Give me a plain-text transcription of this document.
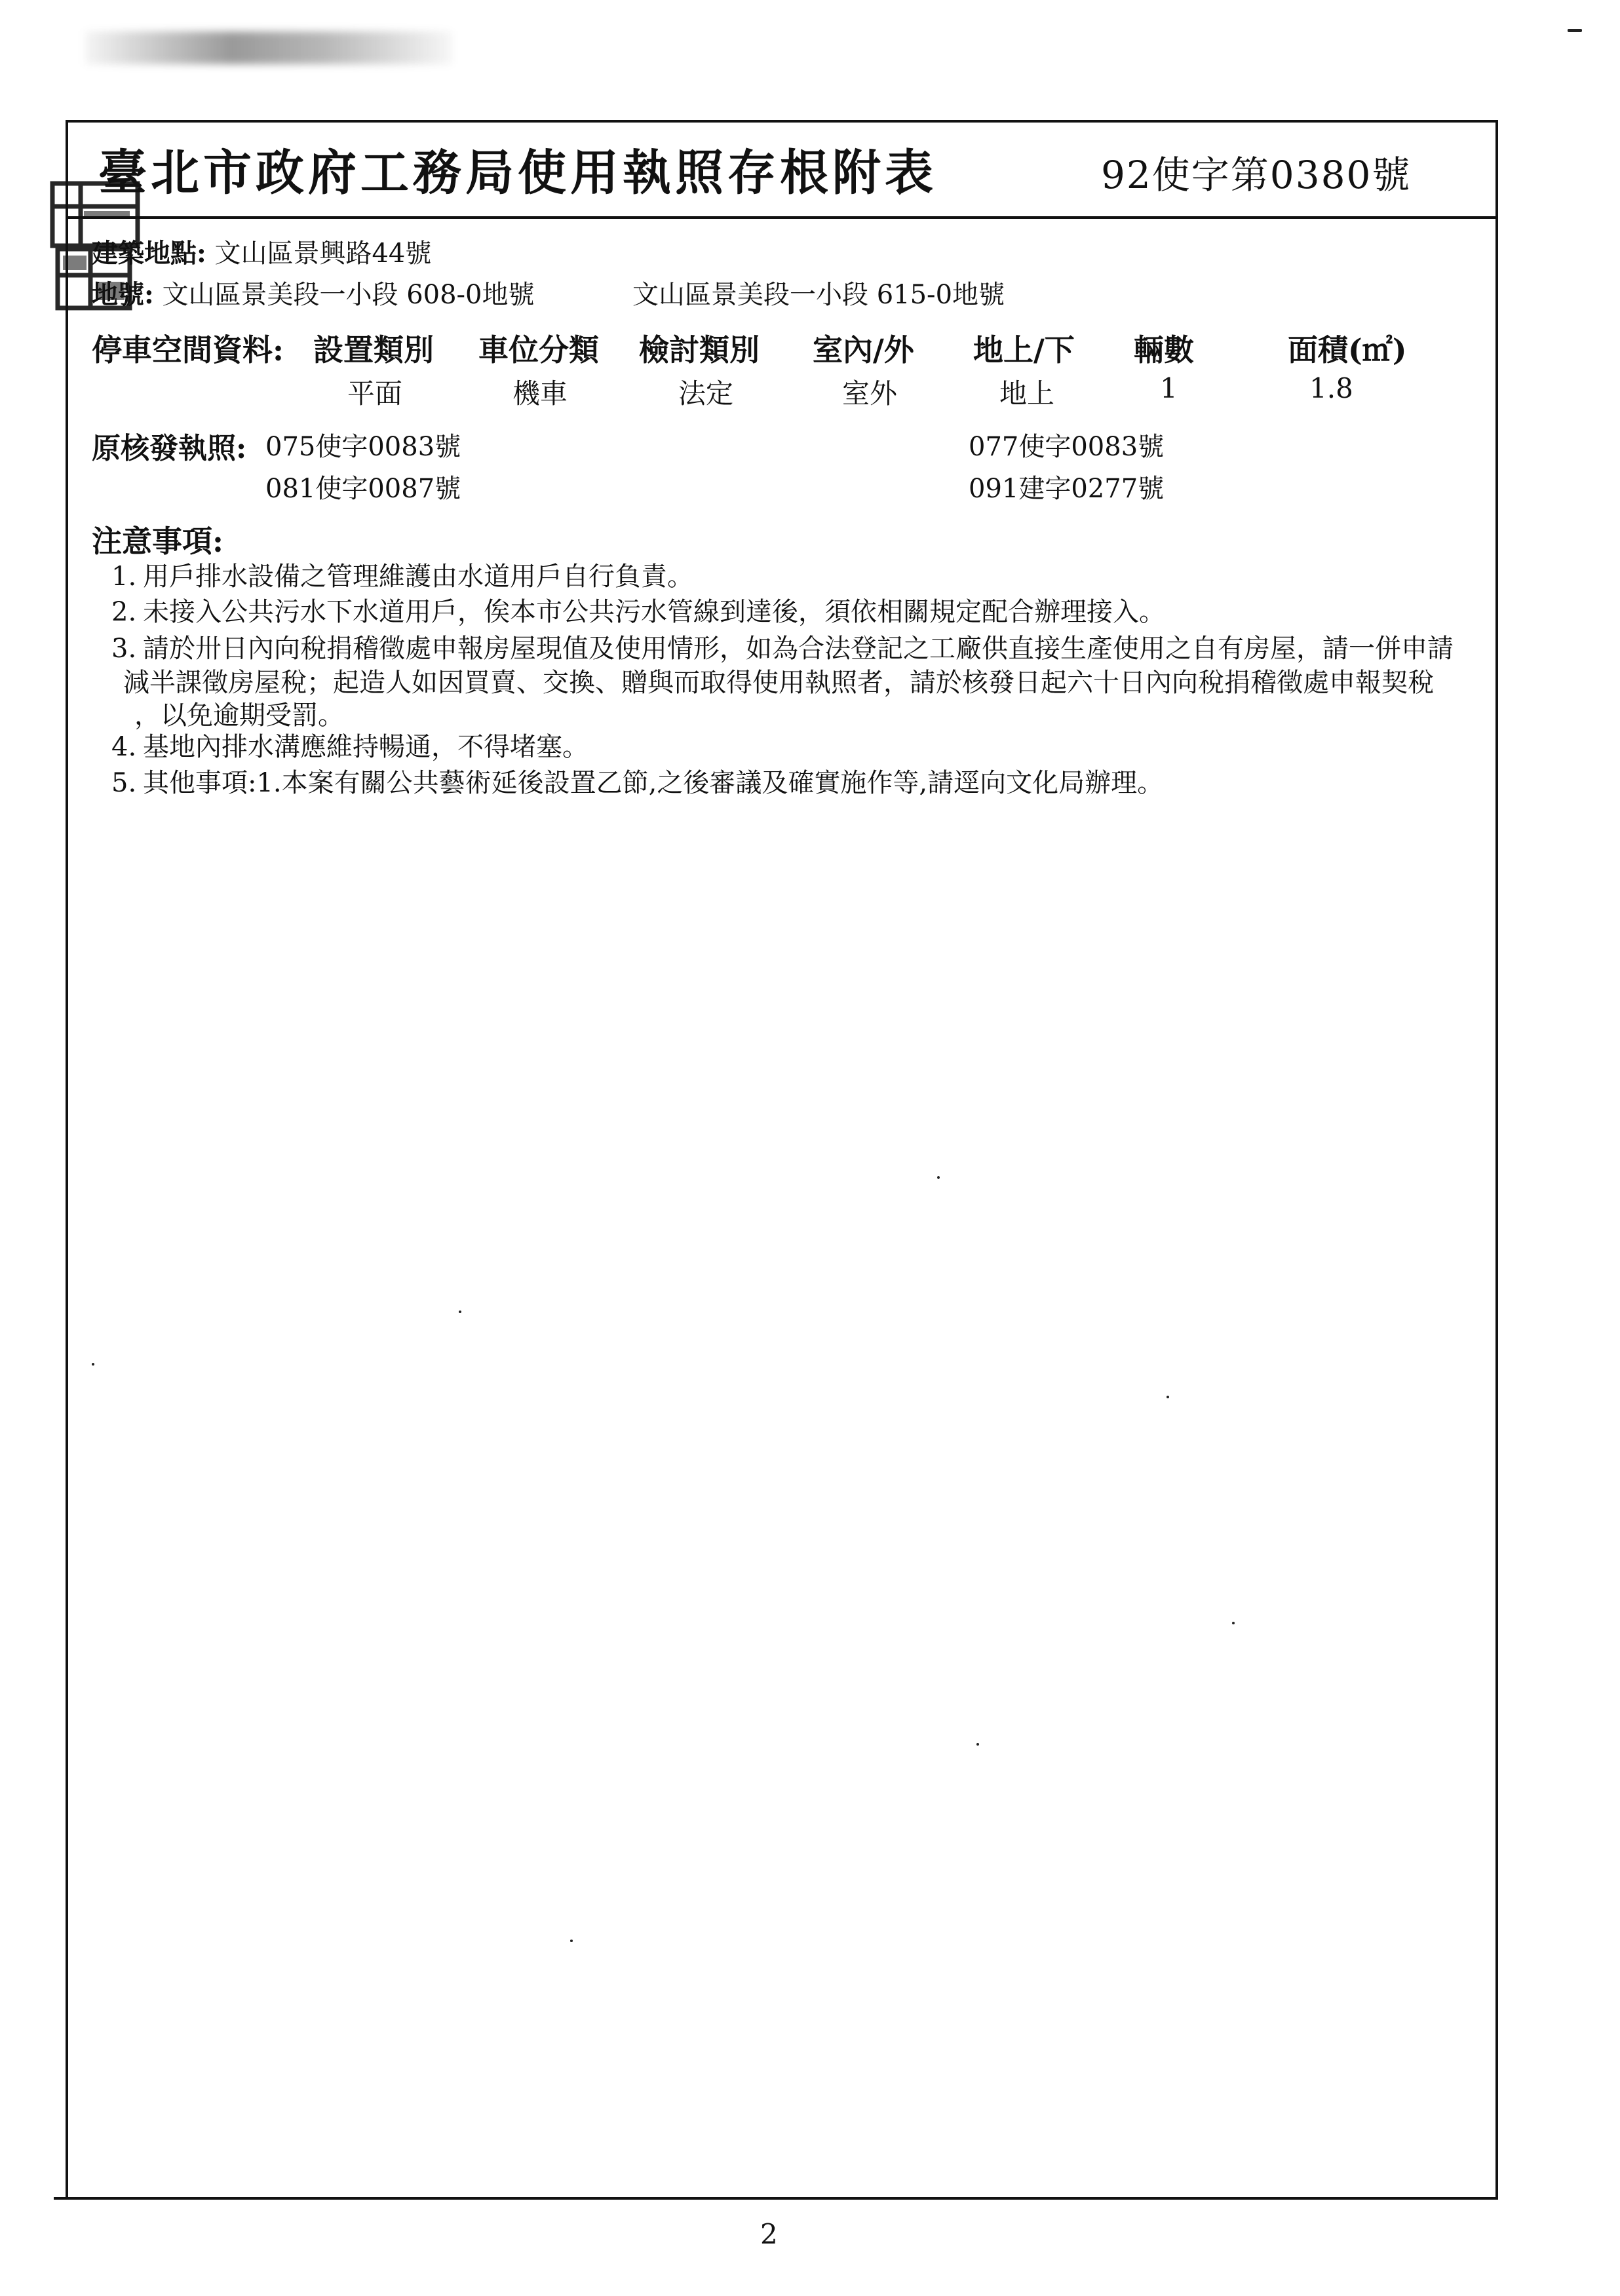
臺北市政府工務局使用執照存根附表	92使字第0380號
建築地點: 文山區景興路44號
地號: 文山區景美段一小段 608-0地號	文山區景美段一小段 615-0地號
停車空間資料: 設置類別 車位分類 檢討類別 室內/外 地上/下 輛數	面積(㎡)
平面	機車	法定	室外	地上	1	1.8
原核發執照: 075使字0083號	077使字0083號
081使字0087號	091建字0277號
注意事項:
1. 用戶排水設備之管理維護由水道用戶自行負責。
2. 未接入公共污水下水道用戶，俟本市公共污水管線到達後，須依相關規定配合辦理接入。
3. 請於卅日內向稅捐稽徵處申報房屋現值及使用情形，如為合法登記之工廠供直接生產使用之自有房屋，請一併申請
減半課徵房屋稅；起造人如因買賣、交換、贈與而取得使用執照者，請於核發日起六十日內向稅捐稽徵處申報契稅
，以免逾期受罰。
4. 基地內排水溝應維持暢通，不得堵塞。
5. 其他事項:1.本案有關公共藝術延後設置乙節,之後審議及確實施作等,請逕向文化局辦理。
2
